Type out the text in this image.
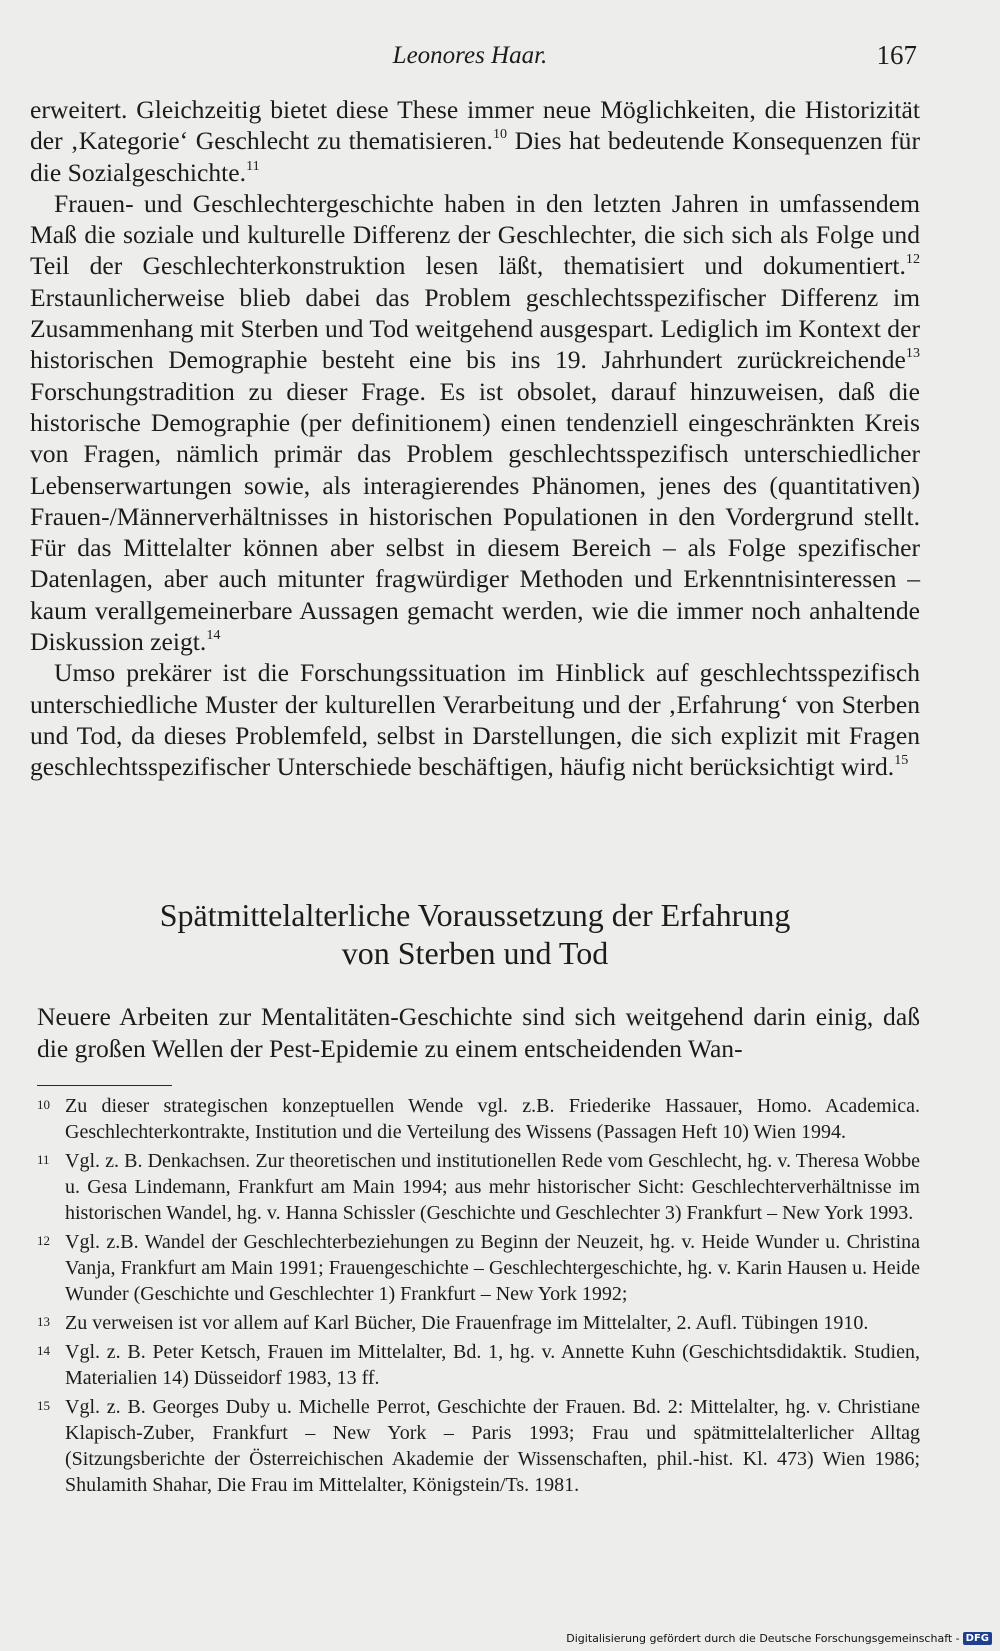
Leonores Haar.	167

erweitert. Gleichzeitig bietet diese These immer neue Möglichkeiten, die Historizität der ‚Kategorie‘ Geschlecht zu thematisieren.$^{10}$ Dies hat bedeutende Konsequenzen für die Sozialgeschichte.$^{11}$

Frauen- und Geschlechtergeschichte haben in den letzten Jahren in umfassendem Maß die soziale und kulturelle Differenz der Geschlechter, die sich sich als Folge und Teil der Geschlechterkonstruktion lesen läßt, thematisiert und dokumentiert.$^{12}$ Erstaunlicherweise blieb dabei das Problem geschlechtsspezifischer Differenz im Zusammenhang mit Sterben und Tod weitgehend ausgespart. Lediglich im Kontext der historischen Demographie besteht eine bis ins 19. Jahrhundert zurückreichende$^{13}$ Forschungstradition zu dieser Frage. Es ist obsolet, darauf hinzuweisen, daß die historische Demographie (per definitionem) einen tendenziell eingeschränkten Kreis von Fragen, nämlich primär das Problem geschlechtsspezifisch unterschiedlicher Lebenserwartungen sowie, als interagierendes Phänomen, jenes des (quantitativen) Frauen-/Männerverhältnisses in historischen Populationen in den Vordergrund stellt. Für das Mittelalter können aber selbst in diesem Bereich – als Folge spezifischer Datenlagen, aber auch mitunter fragwürdiger Methoden und Erkenntnisinteressen – kaum verallgemeinerbare Aussagen gemacht werden, wie die immer noch anhaltende Diskussion zeigt.$^{14}$

Umso prekärer ist die Forschungssituation im Hinblick auf geschlechtsspezifisch unterschiedliche Muster der kulturellen Verarbeitung und der ‚Erfahrung‘ von Sterben und Tod, da dieses Problemfeld, selbst in Darstellungen, die sich explizit mit Fragen geschlechtsspezifischer Unterschiede beschäftigen, häufig nicht berücksichtigt wird.$^{15}$

Spätmittelalterliche Voraussetzung der Erfahrung
von Sterben und Tod

Neuere Arbeiten zur Mentalitäten-Geschichte sind sich weitgehend darin einig, daß die großen Wellen der Pest-Epidemie zu einem entscheidenden Wan-

10 Zu dieser strategischen konzeptuellen Wende vgl. z.B. Friederike Hassauer, Homo. Academica. Geschlechterkontrakte, Institution und die Verteilung des Wissens (Passagen Heft 10) Wien 1994.
11 Vgl. z. B. Denkachsen. Zur theoretischen und institutionellen Rede vom Geschlecht, hg. v. Theresa Wobbe u. Gesa Lindemann, Frankfurt am Main 1994; aus mehr historischer Sicht: Geschlechterverhältnisse im historischen Wandel, hg. v. Hanna Schissler (Geschichte und Geschlechter 3) Frankfurt – New York 1993.
12 Vgl. z.B. Wandel der Geschlechterbeziehungen zu Beginn der Neuzeit, hg. v. Heide Wunder u. Christina Vanja, Frankfurt am Main 1991; Frauengeschichte – Geschlechtergeschichte, hg. v. Karin Hausen u. Heide Wunder (Geschichte und Geschlechter 1) Frankfurt – New York 1992;
13 Zu verweisen ist vor allem auf Karl Bücher, Die Frauenfrage im Mittelalter, 2. Aufl. Tübingen 1910.
14 Vgl. z. B. Peter Ketsch, Frauen im Mittelalter, Bd. 1, hg. v. Annette Kuhn (Geschichtsdidaktik. Studien, Materialien 14) Düsseidorf 1983, 13 ff.
15 Vgl. z. B. Georges Duby u. Michelle Perrot, Geschichte der Frauen. Bd. 2: Mittelalter, hg. v. Christiane Klapisch-Zuber, Frankfurt – New York – Paris 1993; Frau und spätmittelalterlicher Alltag (Sitzungsberichte der Österreichischen Akademie der Wissenschaften, phil.-hist. Kl. 473) Wien 1986; Shulamith Shahar, Die Frau im Mittelalter, Königstein/Ts. 1981.
Digitalisierung gefördert durch die Deutsche Forschungsgemeinschaft - DFG
